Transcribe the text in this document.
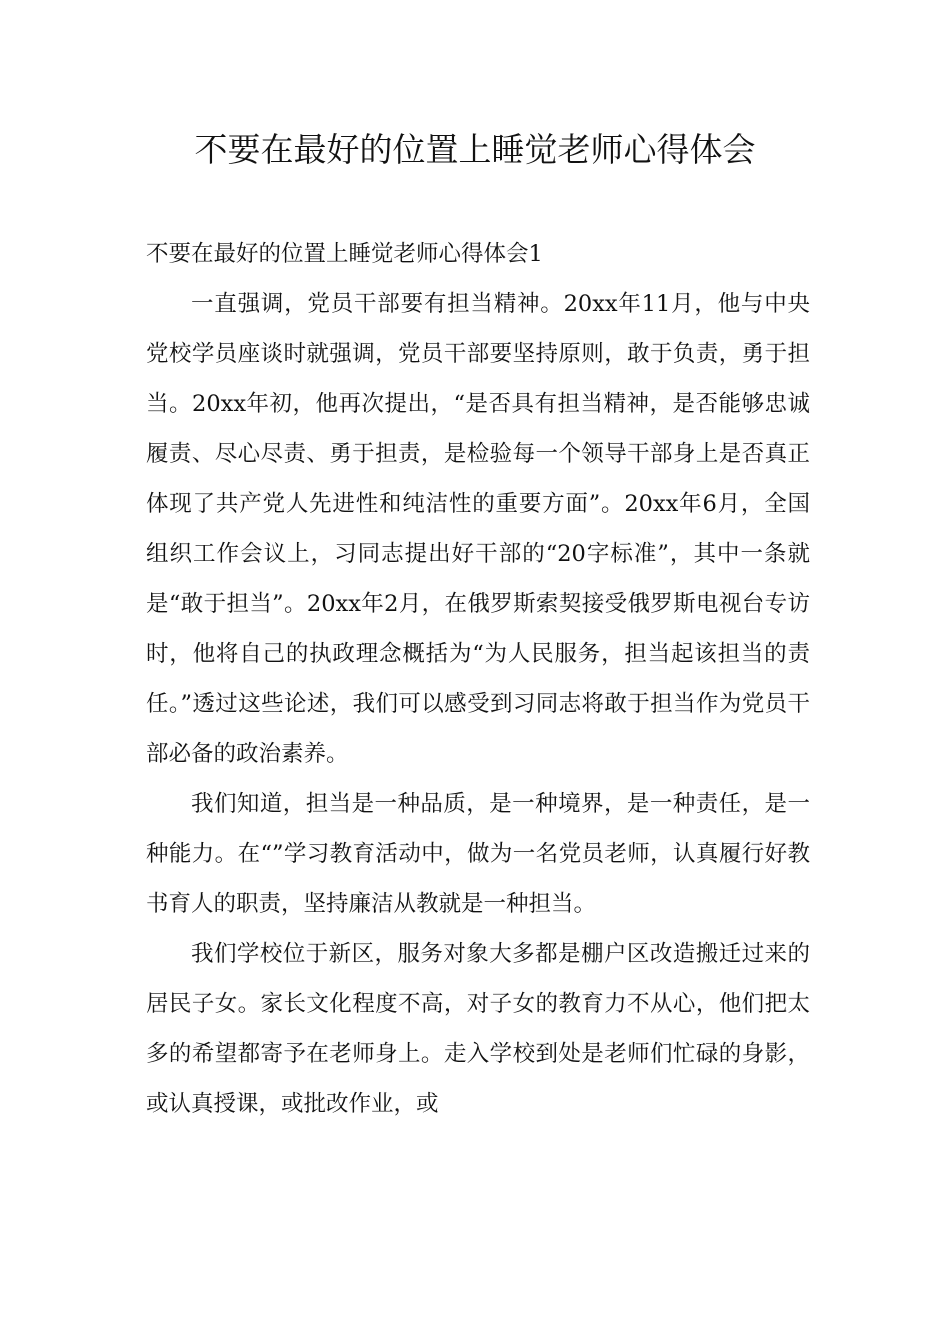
不要在最好的位置上睡觉老师心得体会

不要在最好的位置上睡觉老师心得体会1

一直强调，党员干部要有担当精神。20xx年11月，他与中央党校学员座谈时就强调，党员干部要坚持原则，敢于负责，勇于担当。20xx年初，他再次提出，“是否具有担当精神，是否能够忠诚履责、尽心尽责、勇于担责，是检验每一个领导干部身上是否真正体现了共产党人先进性和纯洁性的重要方面”。20xx年6月，全国组织工作会议上，习同志提出好干部的“20字标准”，其中一条就是“敢于担当”。20xx年2月，在俄罗斯索契接受俄罗斯电视台专访时，他将自己的执政理念概括为“为人民服务，担当起该担当的责任。”透过这些论述，我们可以感受到习同志将敢于担当作为党员干部必备的政治素养。

我们知道，担当是一种品质，是一种境界，是一种责任，是一种能力。在“”学习教育活动中，做为一名党员老师，认真履行好教书育人的职责，坚持廉洁从教就是一种担当。

我们学校位于新区，服务对象大多都是棚户区改造搬迁过来的居民子女。家长文化程度不高，对子女的教育力不从心，他们把太多的希望都寄予在老师身上。走入学校到处是老师们忙碌的身影，或认真授课，或批改作业，或
